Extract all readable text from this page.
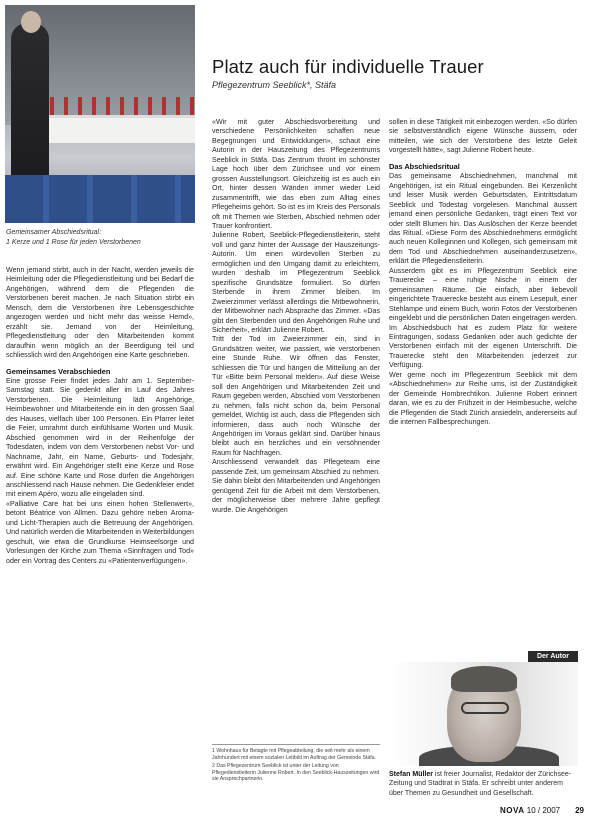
Gemeinsamer Abschiedsritual:
1 Kerze und 1 Rose für jeden Verstorbenen
Platz auch für individuelle Trauer
Pflegezentrum Seeblick*, Stäfa

Wenn jemand stirbt, auch in der Nacht, werden jeweils die Heimleitung oder die Pflegedienstleitung und bei Bedarf die Angehörigen, während dem die Pflegenden die Verstorbenen bereit machen. Je nach Situation stirbt ein Mensch, dem die Verstorbenen ihre Lebensgeschichte angezogen werden und nicht mehr das weisse Hemd», erzählt sie. Jemand von der Heimleitung, Pflegedienstleitung oder den Mitarbeitenden kommt daraufhin wenn möglich an der Beerdigung teil und schliesslich wird den Angehörigen eine Karte geschrieben.

Gemeinsames Verabschieden

Eine grosse Feier findet jedes Jahr am 1. September-Samstag statt. Sie gedenkt aller im Lauf des Jahres Verstorbenen. Die Heimleitung lädt Angehörige, Heimbewohner und Mitarbeitende ein in den grossen Saal des Hauses, vielfach über 100 Personen. Ein Pfarrer leitet die Feier, umrahmt durch einfühlsame Worten und Musik. Abschied genommen wird in der Reihenfolge der Todesdaten, indem von dem Verstorbenen nebst Vor- und Nachname, Jahr, ein Name, Geburts- und Todesjahr, erwähnt wird. Ein Angehöriger stellt eine Kerze und Rose auf. Eine schöne Karte und Rose dürfen die Angehörigen anschliessend nach Hause nehmen. Die Gedenkfeier endet mit einem Apéro, wozu alle eingeladen sind.

«Palliative Care hat bei uns einen hohen Stellenwert», betont Béatrice von Allmen. Dazu gehöre neben Aroma- und Licht-Therapien auch die Betreuung der Angehörigen. Und natürlich werden die Mitarbeitenden in Weiterbildungen geschult, wie etwa die Grundkurse Heimseelsorge und Vorlesungen der Kirche zum Thema «Sinnfragen und Tod» oder ein Vortrag des Centers zu «Patientenverfügungen».

«Wir mit guter Abschiedsvorbereitung und verschiedene Persönlichkeiten schaffen neue Begegnungen und Entwicklungen», schaut eine Autorin in der Hauszeitung des Pflegezentrums Seeblick in Stäfa. Das Zentrum thront im schönster Lage hoch über dem Zürichsee und vor einem grossen Ausstellungsort. Gleichzeitig ist es auch ein Ort, hinter dessen Wänden immer wieder Leid zusammentrifft, wie das eben zum Alltag eines Pflegeheims gehört. So ist es im Kreis des Personals oft mit Themen wie Sterben, Abschied nehmen oder Trauer konfrontiert.

Julienne Robert, Seeblick-Pflegedienstleiterin, steht voll und ganz hinter der Aussage der Hauszeitungs-Autorin. Um einen würdevollen Sterben zu ermöglichen und den Umgang damit zu erleichtern, wurden deshalb im Pflegezentrum Seeblick spezifische Grundsätze formuliert. So dürfen Sterbende in ihrem Zimmer bleiben. Im Zweierzimmer verlässt allerdings die Mitbewohnerin, der Mitbewohner nach Absprache das Zimmer. «Das gibt den Sterbenden und den Angehörigen Ruhe und Sicherheit», erklärt Julienne Robert.

Tritt der Tod im Zweierzimmer ein, sind in Grundsätzen weiter, wie passiert, wie verstorbenen eine Stunde Ruhe. Wir öffnen das Fenster, schliessen die Tür und hängen die Mitteilung an der Tür «Bitte beim Personal melden». Auf diese Weise soll den Angehörigen und Mitarbeitenden Zeit und Raum gegeben werden, Abschied vom Verstorbenen zu nehmen, falls nicht schon da, beim Personal gemeldet, Wichtig ist auch, dass die Pflegenden sich informieren, dass auch noch Wünsche der Angehörigen im Voraus geklärt sind. Darüber hinaus bleibt auch ein herzliches und ein versöhnender Raum für Nachfragen.

Anschliessend verwandelt das Pflegeteam eine passende Zeit, um gemeinsam Abschied zu nehmen. Sie dahin bleibt den Mitarbeitenden und Angehörigen genügend Zeit für die Arbeit mit dem Verstorbenen, der möglicherweise über mehrere Jahre gepflegt wurde. Die Angehörigen

1 Wohnhaus für Betagte mit Pflegeabteilung, die seit mehr als einem Jahrhundert mit einem sozialen Leitbild im Auftrag der Gemeinde Stäfa.

2 Das Pflegezentrum Seeblick ist unter der Leitung von Pflegedienstleiterin Julienne Robert. In den Seeblick-Hauszeitungen wird sie Ansprechpartnerin.

sollen in diese Tätigkeit mit einbezogen werden. «So dürfen sie selbstverständlich eigene Wünsche äussern, oder mitteilen, wie sich der Verstorbene des letzte Geleit vorgestellt hätte», sagt Julienne Robert heute.

Das Abschiedsritual

Das gemeinsame Abschiednehmen, manchmal mit Angehörigen, ist ein Ritual eingebunden. Bei Kerzenlicht und leiser Musik werden Geburtsdaten, Eintrittsdatum Seeblick und Todestag vorgelesen. Manchmal äussert jemand einen persönliche Gedanken, trägt einen Text vor oder stellt Blumen hin. Das Auslöschen der Kerze beendet das Ritual. «Diese Form des Abschiednehmens ermöglicht auch neuen Kolleginnen und Kollegen, sich gemeinsam mit dem Tod und Abschiednehmen auseinanderzusetzen», erklärt die Pflegedienstleiterin.

Ausserdem gibt es im Pflegezentrum Seeblick eine Trauerecke – eine ruhige Nische in einem der gemeinsamen Räume. Die einfach, aber liebevoll eingerichtete Trauerecke besteht aus einem Lesepult, einer Stehlampe und einem Buch, worin Fotos der Verstorbenen eingeklebt und die persönlichen Daten eingetragen werden. Im Abschiedsbuch hat es zudem Platz für weitere Eintragungen, sodass Gedanken oder auch gedichte der Verstorbenen einfach mit der eigenen Unterschrift. Die Trauerecke steht den Mitarbeitenden jederzeit zur Verfügung.

Wer gerne noch im Pflegezentrum Seeblick mit dem «Abschiednehmen» zur Reihe ums, ist der Zuständigkeit der Gemeinde Hombrechtikon. Julienne Robert erinnert daran, wie es zu der Frühzeit in der Heimbesuche, welche die Pflegenden die Stadt Zürich ansiedeln, andererseits auf die internen Fallbesprechungen.

Der Autor
Stefan Müller ist freier Journalist, Redaktor der Zürichsee-Zeitung und Stadtrat in Stäfa. Er schreibt unter anderem über Themen zu Gesundheit und Gesellschaft.
NOVA 10 / 2007 29
